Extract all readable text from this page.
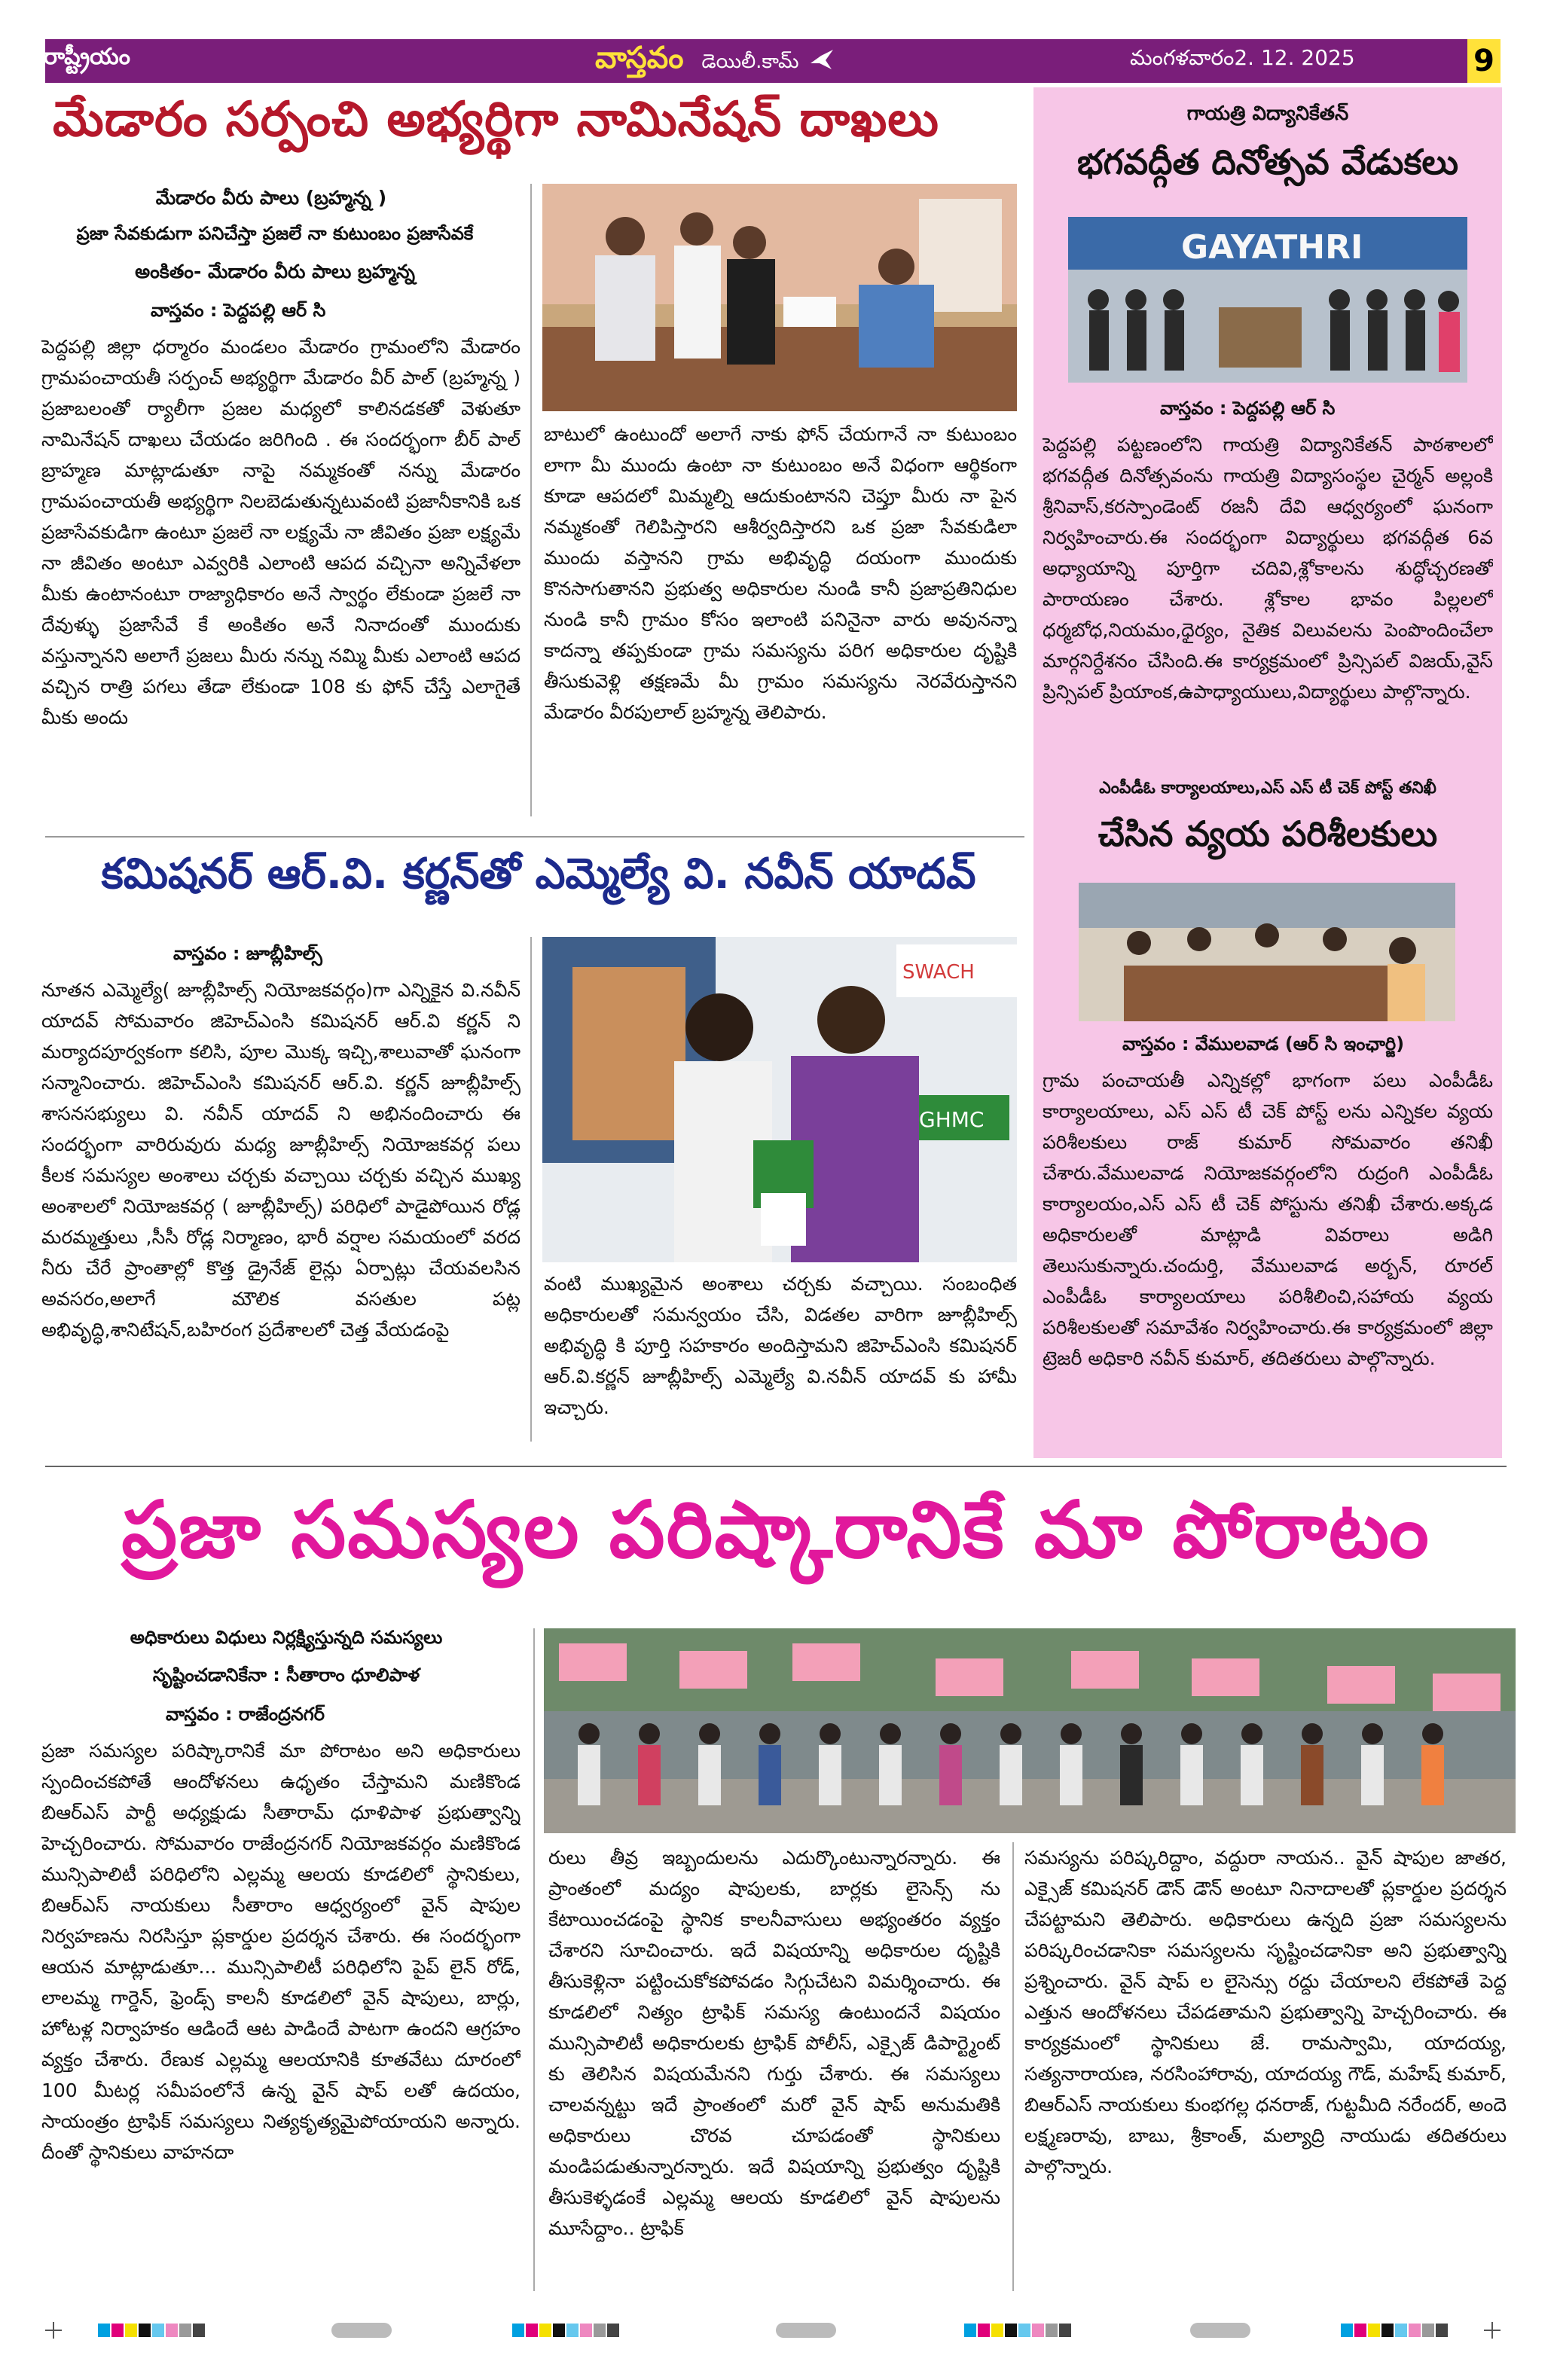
రాష్ట్రీయం	వాస్తవం డెయిలీ.కామ్	మంగళవారం2. 12. 2025	9
మేడారం సర్పంచి అభ్యర్థిగా నామినేషన్ దాఖలు
మేడారం వీరు పాలు (బ్రహ్మన్న )
ప్రజా సేవకుడుగా పనిచేస్తా ప్రజలే నా కుటుంబం ప్రజాసేవకే
అంకితం- మేడారం వీరు పాలు బ్రహ్మన్న
వాస్తవం : పెద్దపల్లి ఆర్ సి
పెద్దపల్లి జిల్లా ధర్మారం మండలం మేడారం గ్రామంలోని మేడారం గ్రామపంచాయతీ సర్పంచ్ అభ్యర్థిగా మేడారం వీర్ పాల్ (బ్రహ్మన్న ) ప్రజాబలంతో ర్యాలీగా ప్రజల మధ్యలో కాలినడకతో వెళుతూ నామినేషన్ దాఖలు చేయడం జరిగింది . ఈ సందర్భంగా బీర్ పాల్ బ్రాహ్మణ మాట్లాడుతూ నాపై నమ్మకంతో నన్ను మేడారం గ్రామపంచాయతీ అభ్యర్థిగా నిలబెడుతున్నటువంటి ప్రజానీకానికి ఒక ప్రజాసేవకుడిగా ఉంటూ ప్రజలే నా లక్ష్యమే నా జీవితం ప్రజా లక్ష్యమే నా జీవితం అంటూ ఎవ్వరికి ఎలాంటి ఆపద వచ్చినా అన్నివేళలా మీకు ఉంటానంటూ రాజ్యాధికారం అనే స్వార్థం లేకుండా ప్రజలే నా దేవుళ్ళు ప్రజాసేవే కే అంకితం అనే నినాదంతో ముందుకు వస్తున్నానని అలాగే ప్రజలు మీరు నన్ను నమ్మి మీకు ఎలాంటి ఆపద వచ్చిన రాత్రి పగలు తేడా లేకుండా 108 కు ఫోన్ చేస్తే ఎలాగైతే మీకు అందు
బాటులో ఉంటుందో అలాగే నాకు ఫోన్ చేయగానే నా కుటుంబం లాగా మీ ముందు ఉంటా నా కుటుంబం అనే విధంగా ఆర్థికంగా కూడా ఆపదలో మిమ్మల్ని ఆదుకుంటానని చెప్తూ మీరు నా పైన నమ్మకంతో గెలిపిస్తారని ఆశీర్వదిస్తారని ఒక ప్రజా సేవకుడిలా ముందు వస్తానని గ్రామ అభివృద్ధి దయంగా ముందుకు కొనసాగుతానని ప్రభుత్వ అధికారుల నుండి కానీ ప్రజాప్రతినిధుల నుండి కానీ గ్రామం కోసం ఇలాంటి పనినైనా వారు అవునన్నా కాదన్నా తప్పకుండా గ్రామ సమస్యను పరిగ అధికారుల దృష్టికి తీసుకువెళ్లి తక్షణమే మీ గ్రామం సమస్యను నెరవేరుస్తానని మేడారం వీరపులాల్ బ్రహ్మన్న తెలిపారు.
కమిషనర్ ఆర్.వి. కర్ణన్‌తో ఎమ్మెల్యే వి. నవీన్ యాదవ్
వాస్తవం : జూబ్లీహిల్స్
నూతన ఎమ్మెల్యే( జూబ్లీహిల్స్ నియోజకవర్గం)గా ఎన్నికైన వి.నవీన్ యాదవ్ సోమవారం జిహెచ్ఎంసి కమిషనర్ ఆర్.వి కర్ణన్ ని మర్యాదపూర్వకంగా కలిసి, పూల మొక్క ఇచ్చి,శాలువాతో ఘనంగా సన్మానించారు. జిహెచ్ఎంసి కమిషనర్ ఆర్.వి. కర్ణన్ జూబ్లీహిల్స్ శాసనసభ్యులు వి. నవీన్ యాదవ్ ని అభినందించారు ఈ సందర్భంగా వారిరువురు మధ్య జూబ్లీహిల్స్ నియోజకవర్గ పలు కీలక సమస్యల అంశాలు చర్చకు వచ్చాయి చర్చకు వచ్చిన ముఖ్య అంశాలలో నియోజకవర్గ ( జూబ్లీహిల్స్) పరిధిలో పాడైపోయిన రోడ్ల మరమ్మత్తులు ,సీసీ రోడ్ల నిర్మాణం, భారీ వర్షాల సమయంలో వరద నీరు చేరే ప్రాంతాల్లో కొత్త డ్రైనేజ్ లైన్లు ఏర్పాట్లు చేయవలసిన అవసరం,అలాగే మౌలిక వసతుల పట్ల అభివృద్ధి,శానిటేషన్,బహిరంగ ప్రదేశాలలో చెత్త వేయడంపై
SWACH
GHMC
వంటి ముఖ్యమైన అంశాలు చర్చకు వచ్చాయి. సంబంధిత అధికారులతో సమన్వయం చేసి, విడతల వారిగా జూబ్లీహిల్స్ అభివృద్ధి కి పూర్తి సహకారం అందిస్తామని జిహెచ్ఎంసి కమిషనర్ ఆర్.వి.కర్ణన్ జూబ్లీహిల్స్ ఎమ్మెల్యే వి.నవీన్ యాదవ్ కు హామీ ఇచ్చారు.
గాయత్రి విద్యానికేతన్
భగవద్గీత దినోత్సవ వేడుకలు
GAYATHRI
వాస్తవం : పెద్దపల్లి ఆర్ సి
పెద్దపల్లి పట్టణంలోని గాయత్రి విద్యానికేతన్ పాఠశాలలో భగవద్గీత దినోత్సవంను గాయత్రి విద్యాసంస్థల చైర్మన్ అల్లంకి శ్రీనివాస్,కరస్పాండెంట్ రజనీ దేవి ఆధ్వర్యంలో ఘనంగా నిర్వహించారు.ఈ సందర్భంగా విద్యార్థులు భగవద్గీత 6వ అధ్యాయాన్ని పూర్తిగా చదివి,శ్లోకాలను శుద్ధోచ్చరణతో పారాయణం చేశారు. శ్లోకాల భావం పిల్లలలో ధర్మబోధ,నియమం,ధైర్యం, నైతిక విలువలను పెంపొందించేలా మార్గనిర్దేశనం చేసింది.ఈ కార్యక్రమంలో ప్రిన్సిపల్ విజయ్,వైస్ ప్రిన్సిపల్ ప్రియాంక,ఉపాధ్యాయులు,విద్యార్థులు పాల్గొన్నారు.
ఎంపీడీఓ కార్యాలయాలు,ఎస్ ఎస్ టీ చెక్ పోస్ట్ తనిఖీ
చేసిన వ్యయ పరిశీలకులు
వాస్తవం : వేములవాడ (ఆర్ సి ఇంఛార్జి)
గ్రామ పంచాయతీ ఎన్నికల్లో భాగంగా పలు ఎంపీడీఓ కార్యాలయాలు, ఎస్ ఎస్ టీ చెక్ పోస్ట్ లను ఎన్నికల వ్యయ పరిశీలకులు రాజ్ కుమార్ సోమవారం తనిఖీ చేశారు.వేములవాడ నియోజకవర్గంలోని రుద్రంగి ఎంపీడీఓ కార్యాలయం,ఎస్ ఎస్ టీ చెక్ పోస్టును తనిఖీ చేశారు.అక్కడ అధికారులతో మాట్లాడి వివరాలు అడిగి తెలుసుకున్నారు.చందుర్తి, వేములవాడ అర్బన్, రూరల్ ఎంపీడీఓ కార్యాలయాలు పరిశీలించి,సహాయ వ్యయ పరిశీలకులతో సమావేశం నిర్వహించారు.ఈ కార్యక్రమంలో జిల్లా ట్రెజరీ అధికారి నవీన్ కుమార్, తదితరులు పాల్గొన్నారు.
ప్రజా సమస్యల పరిష్కారానికే మా పోరాటం
అధికారులు విధులు నిర్లక్ష్యిస్తున్నది సమస్యలు
సృష్టించడానికేనా : సీతారాం ధూలిపాళ
వాస్తవం : రాజేంద్రనగర్
ప్రజా సమస్యల పరిష్కారానికే మా పోరాటం అని అధికారులు స్పందించకపోతే ఆందోళనలు ఉధృతం చేస్తామని మణికొండ బిఆర్ఎస్ పార్టీ అధ్యక్షుడు సీతారామ్ ధూళిపాళ ప్రభుత్వాన్ని హెచ్చరించారు. సోమవారం రాజేంద్రనగర్ నియోజకవర్గం మణికొండ మున్సిపాలిటీ పరిధిలోని ఎల్లమ్మ ఆలయ కూడలిలో స్థానికులు, బిఆర్ఎస్ నాయకులు సీతారాం ఆధ్వర్యంలో వైన్ షాపుల నిర్వహణను నిరసిస్తూ ప్లకార్డుల ప్రదర్శన చేశారు. ఈ సందర్భంగా ఆయన మాట్లాడుతూ... మున్సిపాలిటీ పరిధిలోని పైప్ లైన్ రోడ్, లాలమ్మ గార్డెన్, ఫ్రెండ్స్ కాలనీ కూడలిలో వైన్ షాపులు, బార్లు, హోటళ్ల నిర్వాహకం ఆడిందే ఆట పాడిందే పాటగా ఉందని ఆగ్రహం వ్యక్తం చేశారు. రేణుక ఎల్లమ్మ ఆలయానికి కూతవేటు దూరంలో 100 మీటర్ల సమీపంలోనే ఉన్న వైన్ షాప్ లతో ఉదయం, సాయంత్రం ట్రాఫిక్ సమస్యలు నిత్యకృత్యమైపోయాయని అన్నారు. దీంతో స్థానికులు వాహనదా
రులు తీవ్ర ఇబ్బందులను ఎదుర్కొంటున్నారన్నారు. ఈ ప్రాంతంలో మద్యం షాపులకు, బార్లకు లైసెన్స్ ను కేటాయించడంపై స్థానిక కాలనీవాసులు అభ్యంతరం వ్యక్తం చేశారని సూచించారు. ఇదే విషయాన్ని అధికారుల దృష్టికి తీసుకెళ్లినా పట్టించుకోకపోవడం సిగ్గుచేటని విమర్శించారు. ఈ కూడలిలో నిత్యం ట్రాఫిక్ సమస్య ఉంటుందనే విషయం మున్సిపాలిటీ అధికారులకు ట్రాఫిక్ పోలీస్, ఎక్సైజ్ డిపార్ట్మెంట్ కు తెలిసిన విషయమేనని గుర్తు చేశారు. ఈ సమస్యలు చాలవన్నట్టు ఇదే ప్రాంతంలో మరో వైన్ షాప్ అనుమతికి అధికారులు చొరవ చూపడంతో స్థానికులు మండిపడుతున్నారన్నారు. ఇదే విషయాన్ని ప్రభుత్వం దృష్టికి తీసుకెళ్ళడంకే ఎల్లమ్మ ఆలయ కూడలిలో వైన్ షాపులను మూసేద్దాం.. ట్రాఫిక్
సమస్యను పరిష్కరిద్దాం, వద్దురా నాయన.. వైన్ షాపుల జాతర, ఎక్సైజ్ కమిషనర్ డౌన్ డౌన్ అంటూ నినాదాలతో ప్లకార్డుల ప్రదర్శన చేపట్టామని తెలిపారు. అధికారులు ఉన్నది ప్రజా సమస్యలను పరిష్కరించడానికా సమస్యలను సృష్టించడానికా అని ప్రభుత్వాన్ని ప్రశ్నించారు. వైన్ షాప్ ల లైసెన్సు రద్దు చేయాలని లేకపోతే పెద్ద ఎత్తున ఆందోళనలు చేపడతామని ప్రభుత్వాన్ని హెచ్చరించారు. ఈ కార్యక్రమంలో స్థానికులు జే. రామస్వామి, యాదయ్య, సత్యనారాయణ, నరసింహారావు, యాదయ్య గౌడ్, మహేష్ కుమార్, బిఆర్ఎస్ నాయకులు కుంభగల్ల ధనరాజ్, గుట్టమీది నరేందర్, అందె లక్ష్మణరావు, బాబు, శ్రీకాంత్, మల్యాద్రి నాయుడు తదితరులు పాల్గొన్నారు.
